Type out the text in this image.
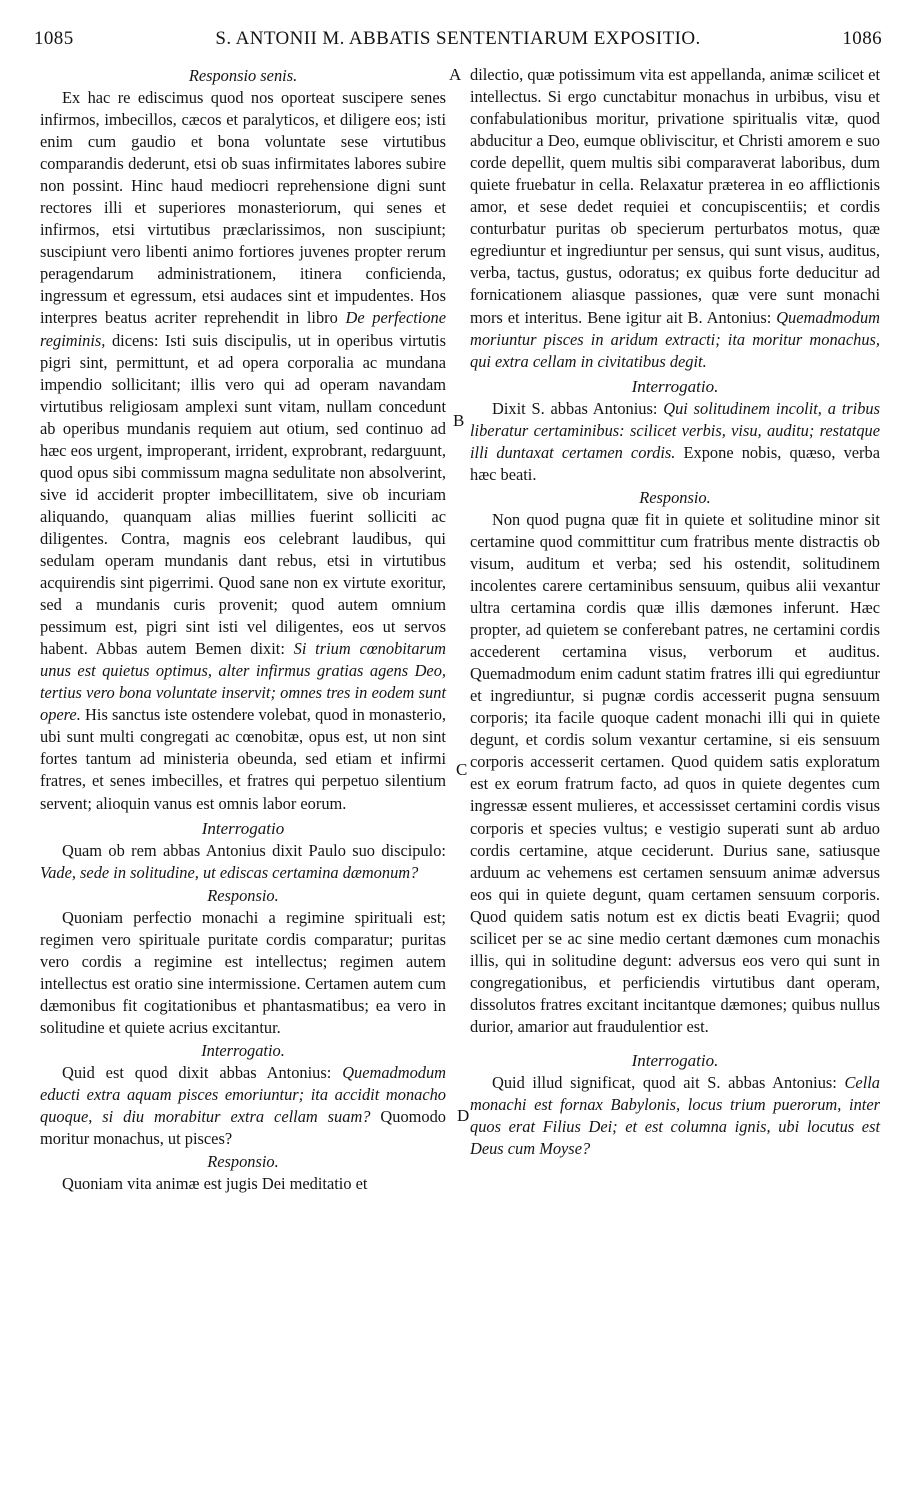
1085	S. ANTONII M. ABBATIS SENTENTIARUM EXPOSITIO.	1086
A
B
C
D
Responsio senis.

Ex hac re ediscimus quod nos oporteat suscipere senes infirmos, imbecillos, cæcos et paralyticos, et diligere eos; isti enim cum gaudio et bona voluntate sese virtutibus comparandis dederunt, etsi ob suas infirmitates labores subire non possint. Hinc haud mediocri reprehensione digni sunt rectores illi et superiores monasteriorum, qui senes et infirmos, etsi virtutibus præclarissimos, non suscipiunt; suscipiunt vero libenti animo fortiores juvenes propter rerum peragendarum administrationem, itinera conficienda, ingressum et egressum, etsi audaces sint et impudentes. Hos interpres beatus acriter reprehendit in libro De perfectione regiminis, dicens: Isti suis discipulis, ut in operibus virtutis pigri sint, permittunt, et ad opera corporalia ac mundana impendio sollicitant; illis vero qui ad operam navandam virtutibus religiosam amplexi sunt vitam, nullam concedunt ab operibus mundanis requiem aut otium, sed continuo ad hæc eos urgent, improperant, irrident, exprobrant, redarguunt, quod opus sibi commissum magna sedulitate non absolverint, sive id acciderit propter imbecillitatem, sive ob incuriam aliquando, quanquam alias millies fuerint solliciti ac diligentes. Contra, magnis eos celebrant laudibus, qui sedulam operam mundanis dant rebus, etsi in virtutibus acquirendis sint pigerrimi. Quod sane non ex virtute exoritur, sed a mundanis curis provenit; quod autem omnium pessimum est, pigri sint isti vel diligentes, eos ut servos habent. Abbas autem Bemen dixit: Si trium cœnobitarum unus est quietus optimus, alter infirmus gratias agens Deo, tertius vero bona voluntate inservit; omnes tres in eodem sunt opere. His sanctus iste ostendere volebat, quod in monasterio, ubi sunt multi congregati ac cœnobitæ, opus est, ut non sint fortes tantum ad ministeria obeunda, sed etiam et infirmi fratres, et senes imbecilles, et fratres qui perpetuo silentium servent; alioquin vanus est omnis labor eorum.

Interrogatio

Quam ob rem abbas Antonius dixit Paulo suo discipulo: Vade, sede in solitudine, ut ediscas certamina dæmonum?

Responsio.

Quoniam perfectio monachi a regimine spirituali est; regimen vero spirituale puritate cordis comparatur; puritas vero cordis a regimine est intellectus; regimen autem intellectus est oratio sine intermissione. Certamen autem cum dæmonibus fit cogitationibus et phantasmatibus; ea vero in solitudine et quiete acrius excitantur.

Interrogatio.

Quid est quod dixit abbas Antonius: Quemadmodum educti extra aquam pisces emoriuntur; ita accidit monacho quoque, si diu morabitur extra cellam suam? Quomodo moritur monachus, ut pisces?

Responsio.

Quoniam vita animæ est jugis Dei meditatio et

dilectio, quæ potissimum vita est appellanda, animæ scilicet et intellectus. Si ergo cunctabitur monachus in urbibus, visu et confabulationibus moritur, privatione spiritualis vitæ, quod abducitur a Deo, eumque obliviscitur, et Christi amorem e suo corde depellit, quem multis sibi comparaverat laboribus, dum quiete fruebatur in cella. Relaxatur præterea in eo afflictionis amor, et sese dedet requiei et concupiscentiis; et cordis conturbatur puritas ob specierum perturbatos motus, quæ egrediuntur et ingrediuntur per sensus, qui sunt visus, auditus, verba, tactus, gustus, odoratus; ex quibus forte deducitur ad fornicationem aliasque passiones, quæ vere sunt monachi mors et interitus. Bene igitur ait B. Antonius: Quemadmodum moriuntur pisces in aridum extracti; ita moritur monachus, qui extra cellam in civitatibus degit.

Interrogatio.

Dixit S. abbas Antonius: Qui solitudinem incolit, a tribus liberatur certaminibus: scilicet verbis, visu, auditu; restatque illi duntaxat certamen cordis. Expone nobis, quæso, verba hæc beati.

Responsio.

Non quod pugna quæ fit in quiete et solitudine minor sit certamine quod committitur cum fratribus mente distractis ob visum, auditum et verba; sed his ostendit, solitudinem incolentes carere certaminibus sensuum, quibus alii vexantur ultra certamina cordis quæ illis dæmones inferunt. Hæc propter, ad quietem se conferebant patres, ne certamini cordis accederent certamina visus, verborum et auditus. Quemadmodum enim cadunt statim fratres illi qui egrediuntur et ingrediuntur, si pugnæ cordis accesserit pugna sensuum corporis; ita facile quoque cadent monachi illi qui in quiete degunt, et cordis solum vexantur certamine, si eis sensuum corporis accesserit certamen. Quod quidem satis exploratum est ex eorum fratrum facto, ad quos in quiete degentes cum ingressæ essent mulieres, et accessisset certamini cordis visus corporis et species vultus; e vestigio superati sunt ab arduo cordis certamine, atque ceciderunt. Durius sane, satiusque arduum ac vehemens est certamen sensuum animæ adversus eos qui in quiete degunt, quam certamen sensuum corporis. Quod quidem satis notum est ex dictis beati Evagrii; quod scilicet per se ac sine medio certant dæmones cum monachis illis, qui in solitudine degunt: adversus eos vero qui sunt in congregationibus, et perficiendis virtutibus dant operam, dissolutos fratres excitant incitantque dæmones; quibus nullus durior, amarior aut fraudulentior est.

Interrogatio.

Quid illud significat, quod ait S. abbas Antonius: Cella monachi est fornax Babylonis, locus trium puerorum, inter quos erat Filius Dei; et est columna ignis, ubi locutus est Deus cum Moyse?
